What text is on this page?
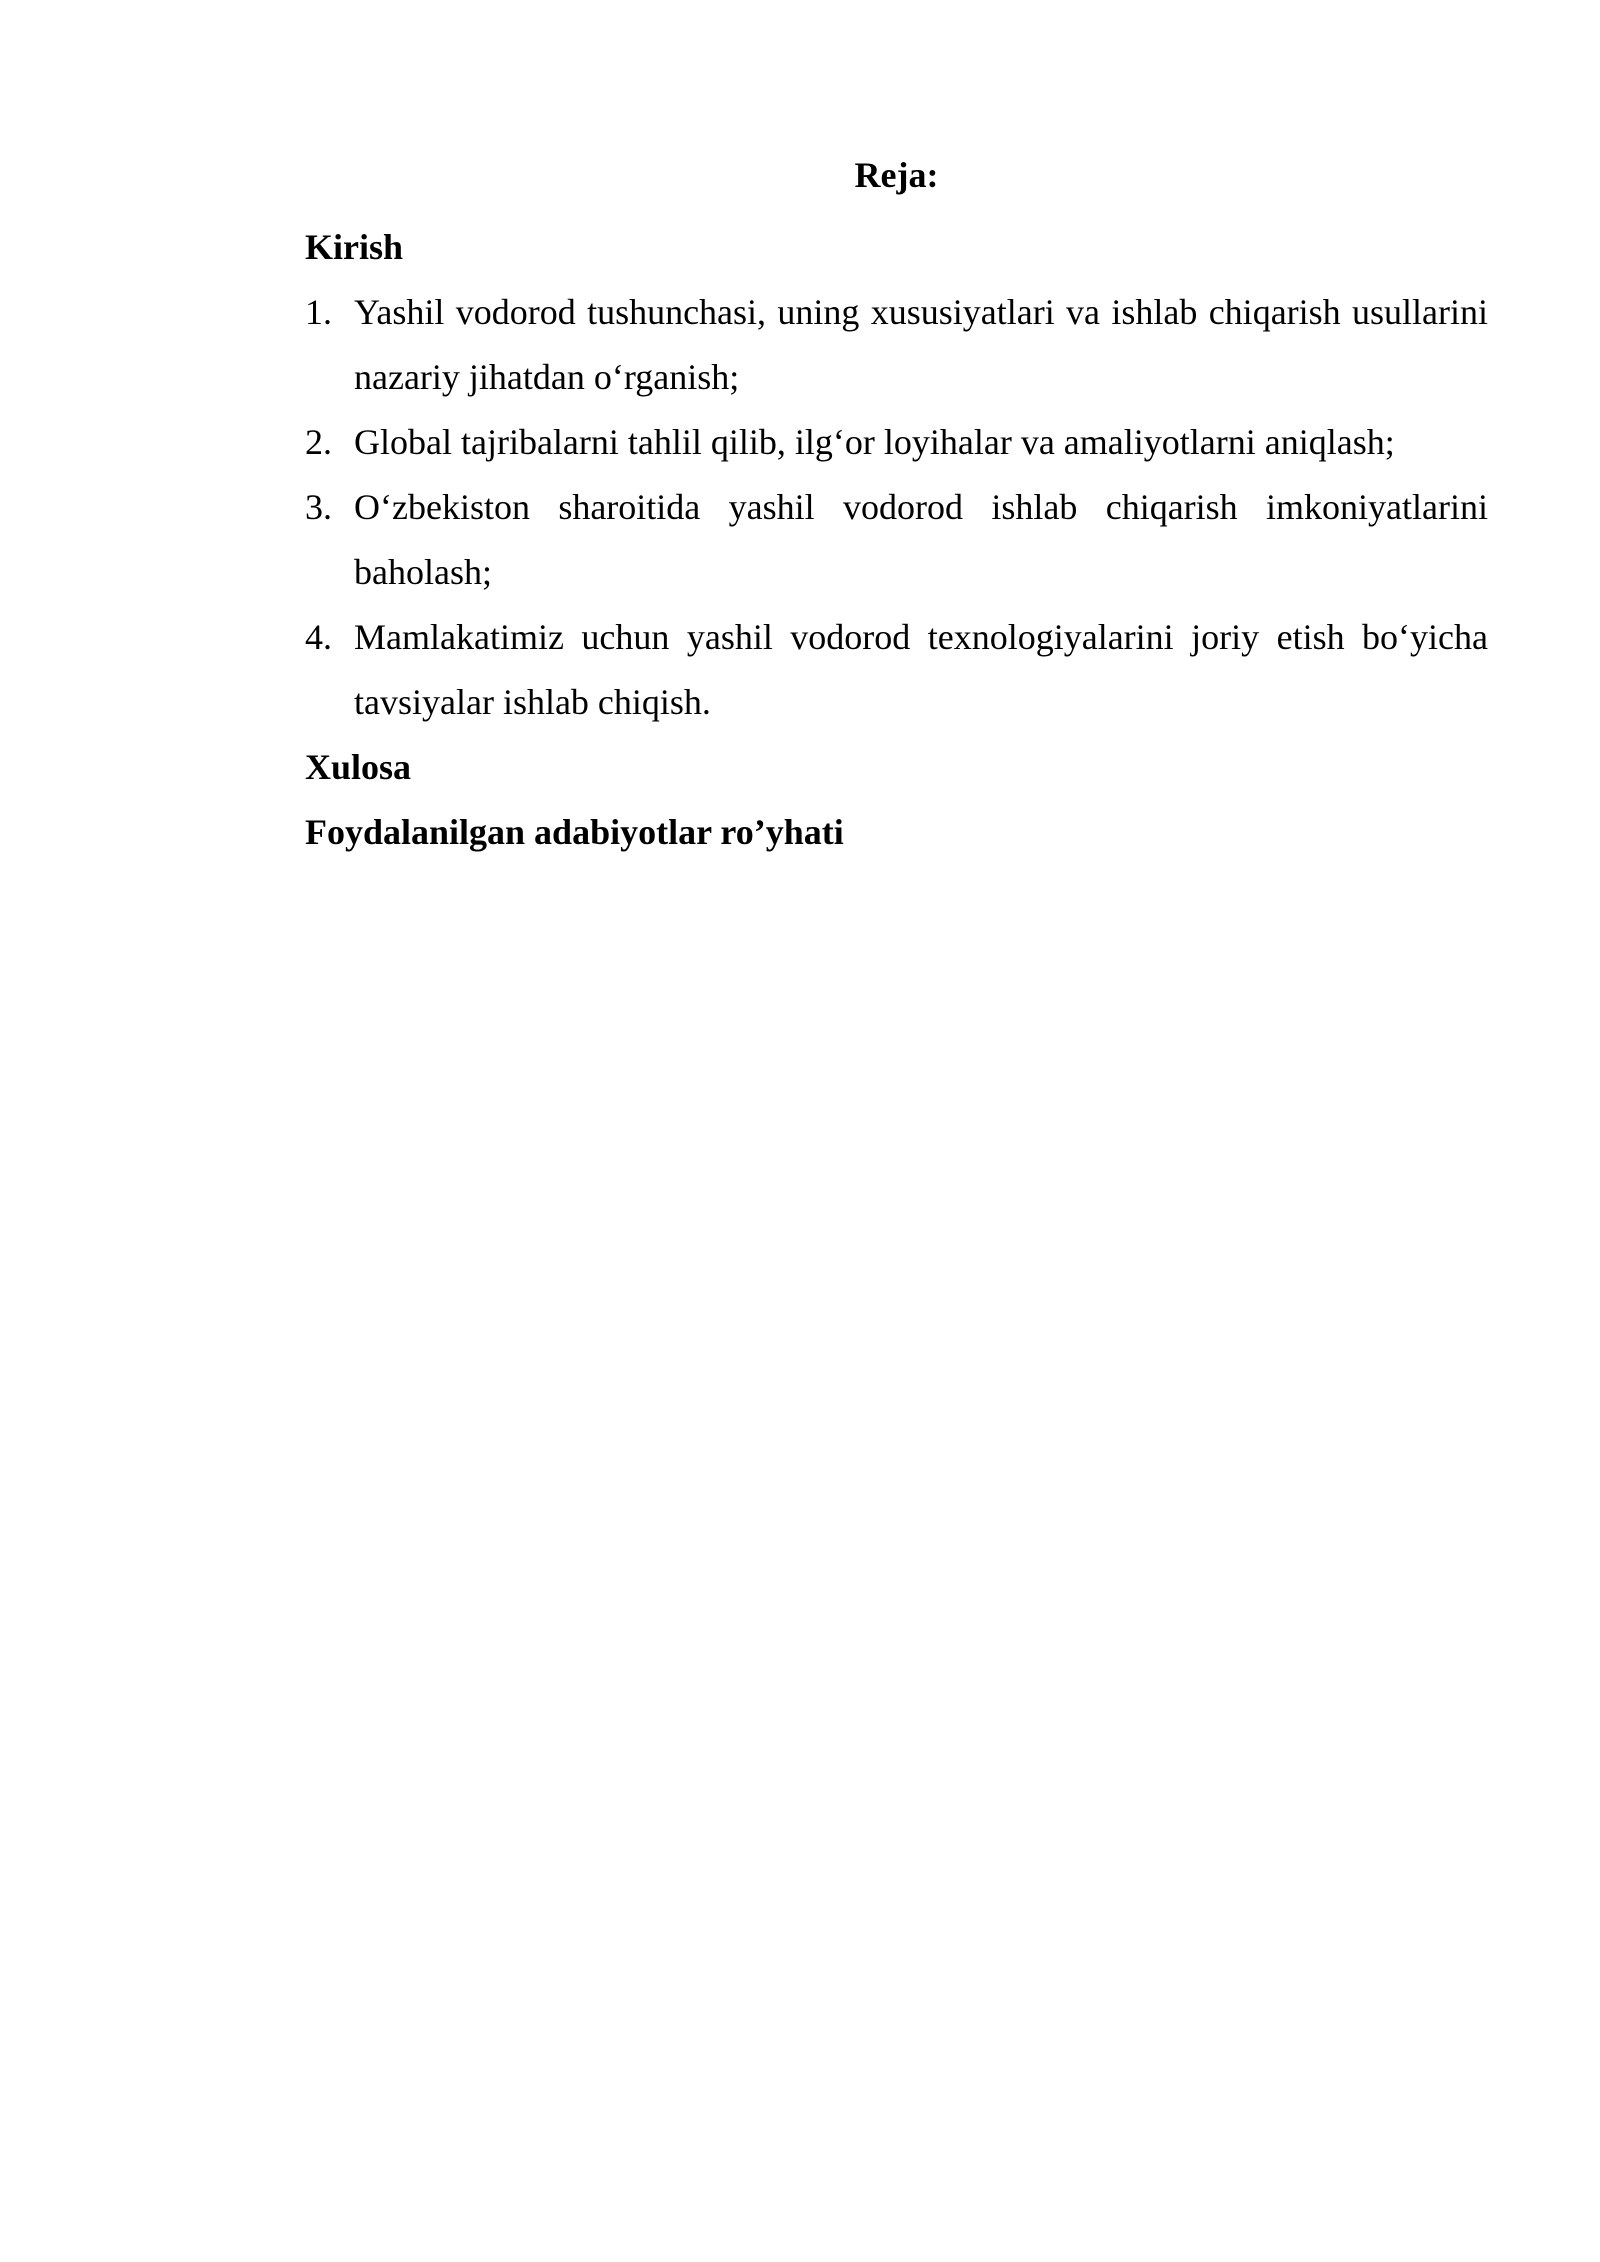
Reja:
Kirish
1. Yashil vodorod tushunchasi, uning xususiyatlari va ishlab chiqarish usullarini nazariy jihatdan o‘rganish;
2. Global tajribalarni tahlil qilib, ilg‘or loyihalar va amaliyotlarni aniqlash;
3. O‘zbekiston sharoitida yashil vodorod ishlab chiqarish imkoniyatlarini baholash;
4. Mamlakatimiz uchun yashil vodorod texnologiyalarini joriy etish bo‘yicha tavsiyalar ishlab chiqish.
Xulosa
Foydalanilgan adabiyotlar ro’yhati
